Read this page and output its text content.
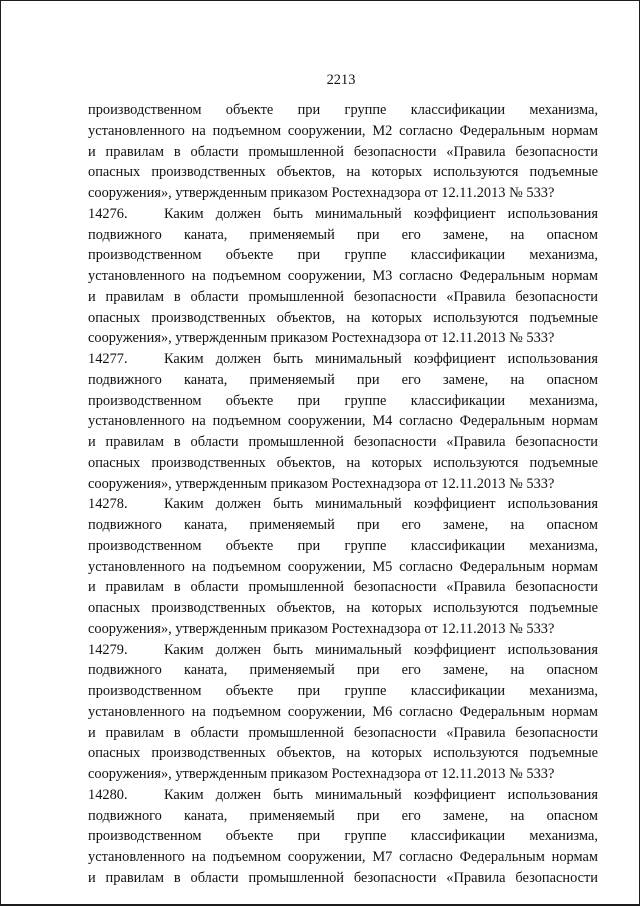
2213
производственном объекте при группе классификации механизма,
установленного на подъемном сооружении, М2 согласно Федеральным нормам
и правилам в области промышленной безопасности «Правила безопасности
опасных производственных объектов, на которых используются подъемные
сооружения», утвержденным приказом Ростехнадзора от 12.11.2013 № 533?
14276.	Каким должен быть минимальный коэффициент использования
подвижного каната, применяемый при его замене, на опасном
производственном объекте при группе классификации механизма,
установленного на подъемном сооружении, М3 согласно Федеральным нормам
и правилам в области промышленной безопасности «Правила безопасности
опасных производственных объектов, на которых используются подъемные
сооружения», утвержденным приказом Ростехнадзора от 12.11.2013 № 533?
14277.	Каким должен быть минимальный коэффициент использования
подвижного каната, применяемый при его замене, на опасном
производственном объекте при группе классификации механизма,
установленного на подъемном сооружении, М4 согласно Федеральным нормам
и правилам в области промышленной безопасности «Правила безопасности
опасных производственных объектов, на которых используются подъемные
сооружения», утвержденным приказом Ростехнадзора от 12.11.2013 № 533?
14278.	Каким должен быть минимальный коэффициент использования
подвижного каната, применяемый при его замене, на опасном
производственном объекте при группе классификации механизма,
установленного на подъемном сооружении, М5 согласно Федеральным нормам
и правилам в области промышленной безопасности «Правила безопасности
опасных производственных объектов, на которых используются подъемные
сооружения», утвержденным приказом Ростехнадзора от 12.11.2013 № 533?
14279.	Каким должен быть минимальный коэффициент использования
подвижного каната, применяемый при его замене, на опасном
производственном объекте при группе классификации механизма,
установленного на подъемном сооружении, М6 согласно Федеральным нормам
и правилам в области промышленной безопасности «Правила безопасности
опасных производственных объектов, на которых используются подъемные
сооружения», утвержденным приказом Ростехнадзора от 12.11.2013 № 533?
14280.	Каким должен быть минимальный коэффициент использования
подвижного каната, применяемый при его замене, на опасном
производственном объекте при группе классификации механизма,
установленного на подъемном сооружении, М7 согласно Федеральным нормам
и правилам в области промышленной безопасности «Правила безопасности
